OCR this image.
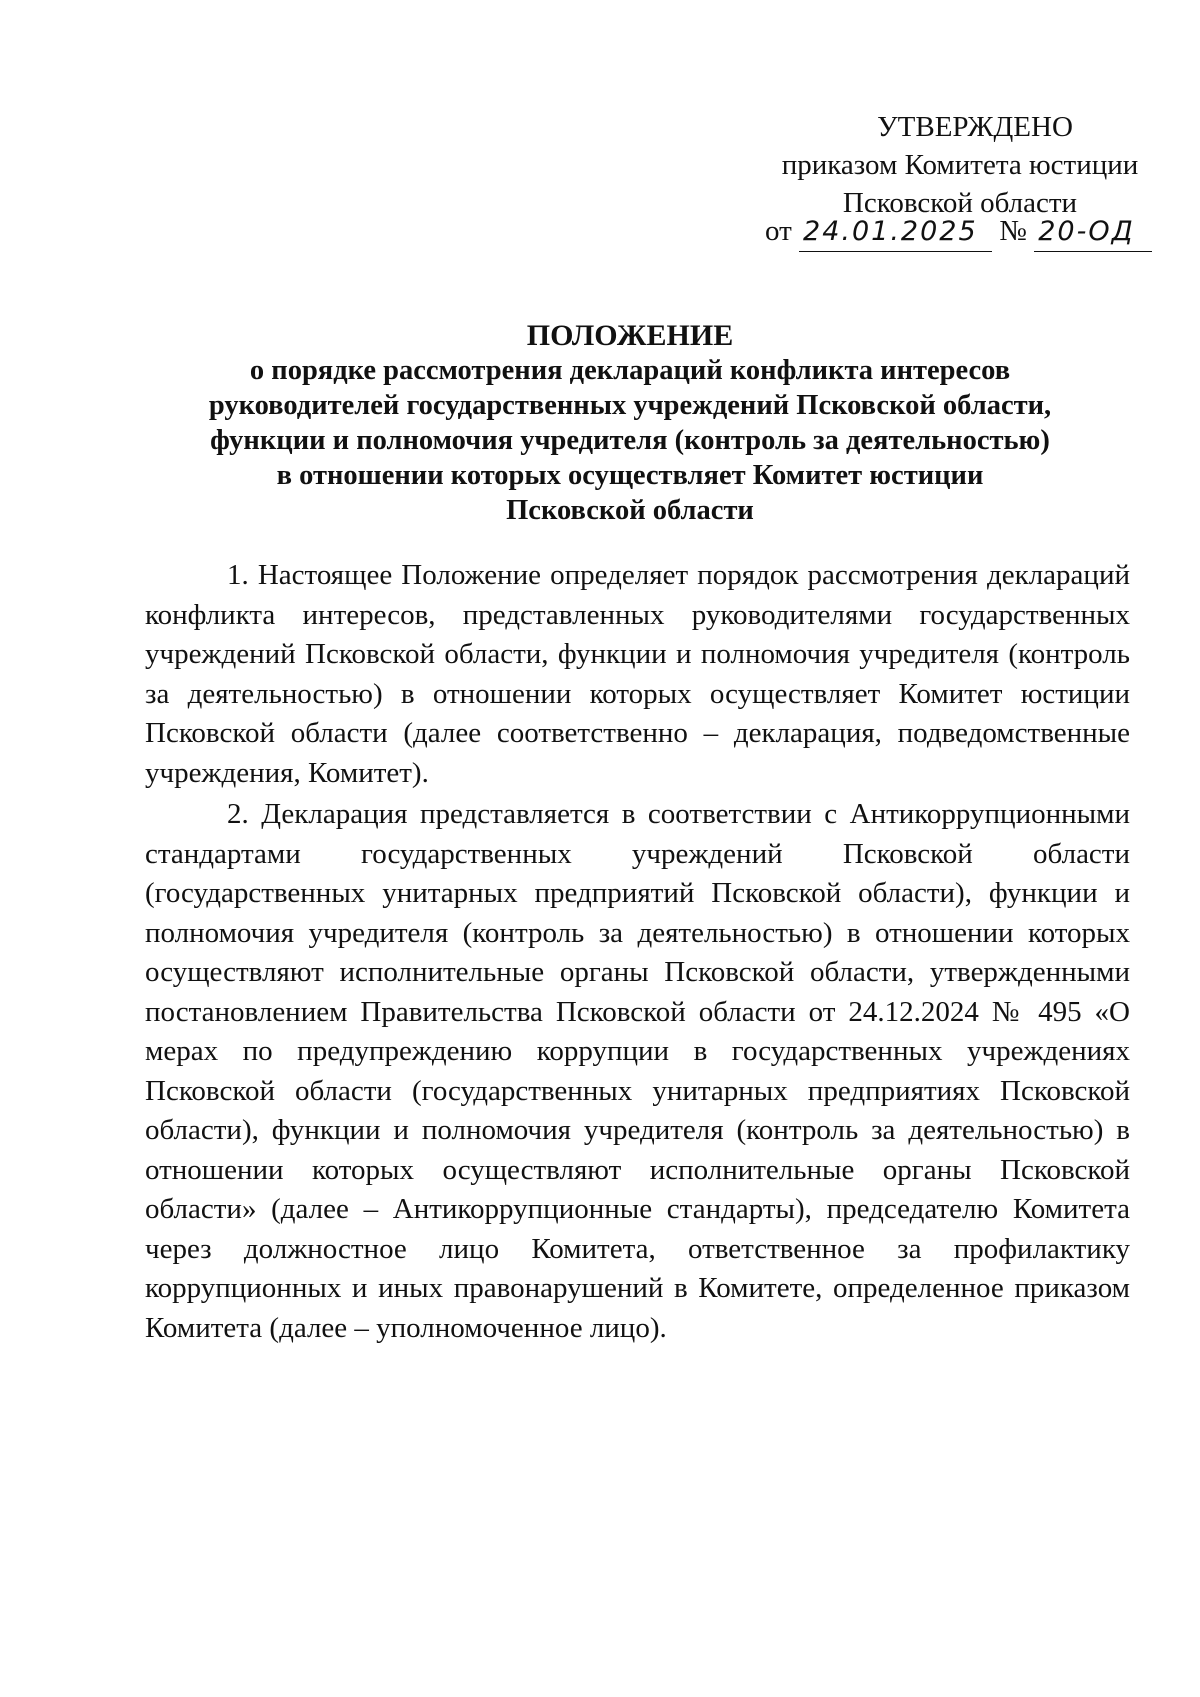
УТВЕРЖДЕНО
приказом Комитета юстиции
Псковской области
от 24.01.2025 № 20-ОД
ПОЛОЖЕНИЕ
о порядке рассмотрения деклараций конфликта интересов
руководителей государственных учреждений Псковской области,
функции и полномочия учредителя (контроль за деятельностью)
в отношении которых осуществляет Комитет юстиции
Псковской области

1. Настоящее Положение определяет порядок рассмотрения деклараций конфликта интересов, представленных руководителями государственных учреждений Псковской области, функции и полномочия учредителя (контроль за деятельностью) в отношении которых осуществляет Комитет юстиции Псковской области (далее соответственно – декларация, подведомственные учреждения, Комитет).

2. Декларация представляется в соответствии с Антикоррупционными стандартами государственных учреждений Псковской области (государственных унитарных предприятий Псковской области), функции и полномочия учредителя (контроль за деятельностью) в отношении которых осуществляют исполнительные органы Псковской области, утвержденными постановлением Правительства Псковской области от 24.12.2024 № 495 «О мерах по предупреждению коррупции в государственных учреждениях Псковской области (государственных унитарных предприятиях Псковской области), функции и полномочия учредителя (контроль за деятельностью) в отношении которых осуществляют исполнительные органы Псковской области» (далее – Антикоррупционные стандарты), председателю Комитета через должностное лицо Комитета, ответственное за профилактику коррупционных и иных правонарушений в Комитете, определенное приказом Комитета (далее – уполномоченное лицо).
